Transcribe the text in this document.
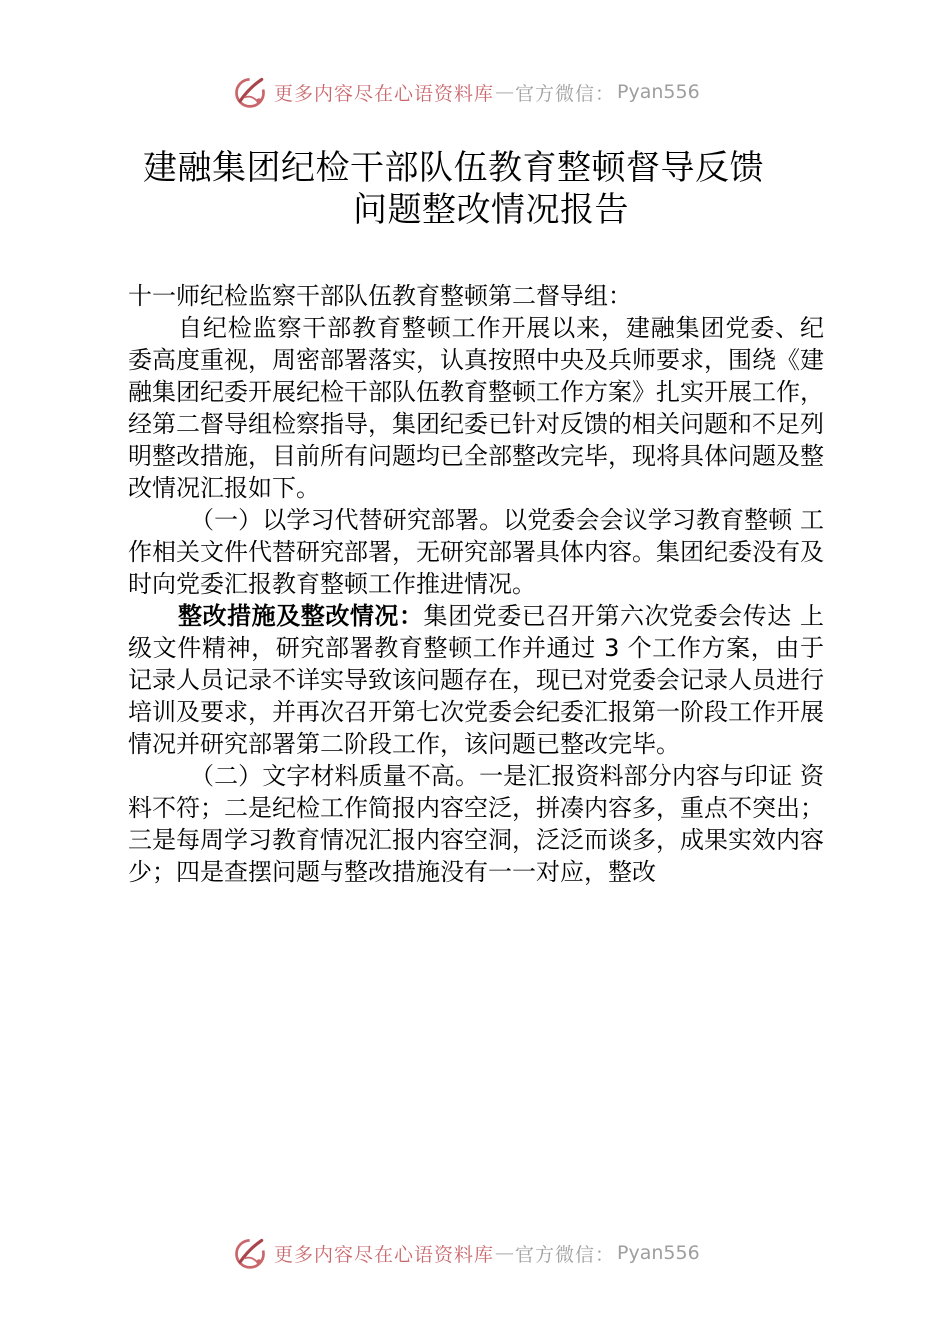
更多内容尽在心语资料库 — 官方微信： Pyan556
建融集团纪检干部队伍教育整顿督导反馈
问题整改情况报告

十一师纪检监察干部队伍教育整顿第二督导组：

自纪检监察干部教育整顿工作开展以来，建融集团党委、纪委高度重视，周密部署落实，认真按照中央及兵师要求，围绕《建融集团纪委开展纪检干部队伍教育整顿工作方案》扎实开展工作，经第二督导组检察指导，集团纪委已针对反馈的相关问题和不足列明整改措施，目前所有问题均已全部整改完毕，现将具体问题及整改情况汇报如下。

（一）以学习代替研究部署。以党委会会议学习教育整顿 工作相关文件代替研究部署，无研究部署具体内容。集团纪委没有及时向党委汇报教育整顿工作推进情况。

整改措施及整改情况：集团党委已召开第六次党委会传达 上级文件精神，研究部署教育整顿工作并通过 3 个工作方案，由于记录人员记录不详实导致该问题存在，现已对党委会记录人员进行培训及要求，并再次召开第七次党委会纪委汇报第一阶段工作开展情况并研究部署第二阶段工作，该问题已整改完毕。

（二）文字材料质量不高。一是汇报资料部分内容与印证 资料不符；二是纪检工作简报内容空泛，拼凑内容多，重点不突出；三是每周学习教育情况汇报内容空洞，泛泛而谈多，成果实效内容少；四是查摆问题与整改措施没有一一对应，整改

更多内容尽在心语资料库 — 官方微信： Pyan556
